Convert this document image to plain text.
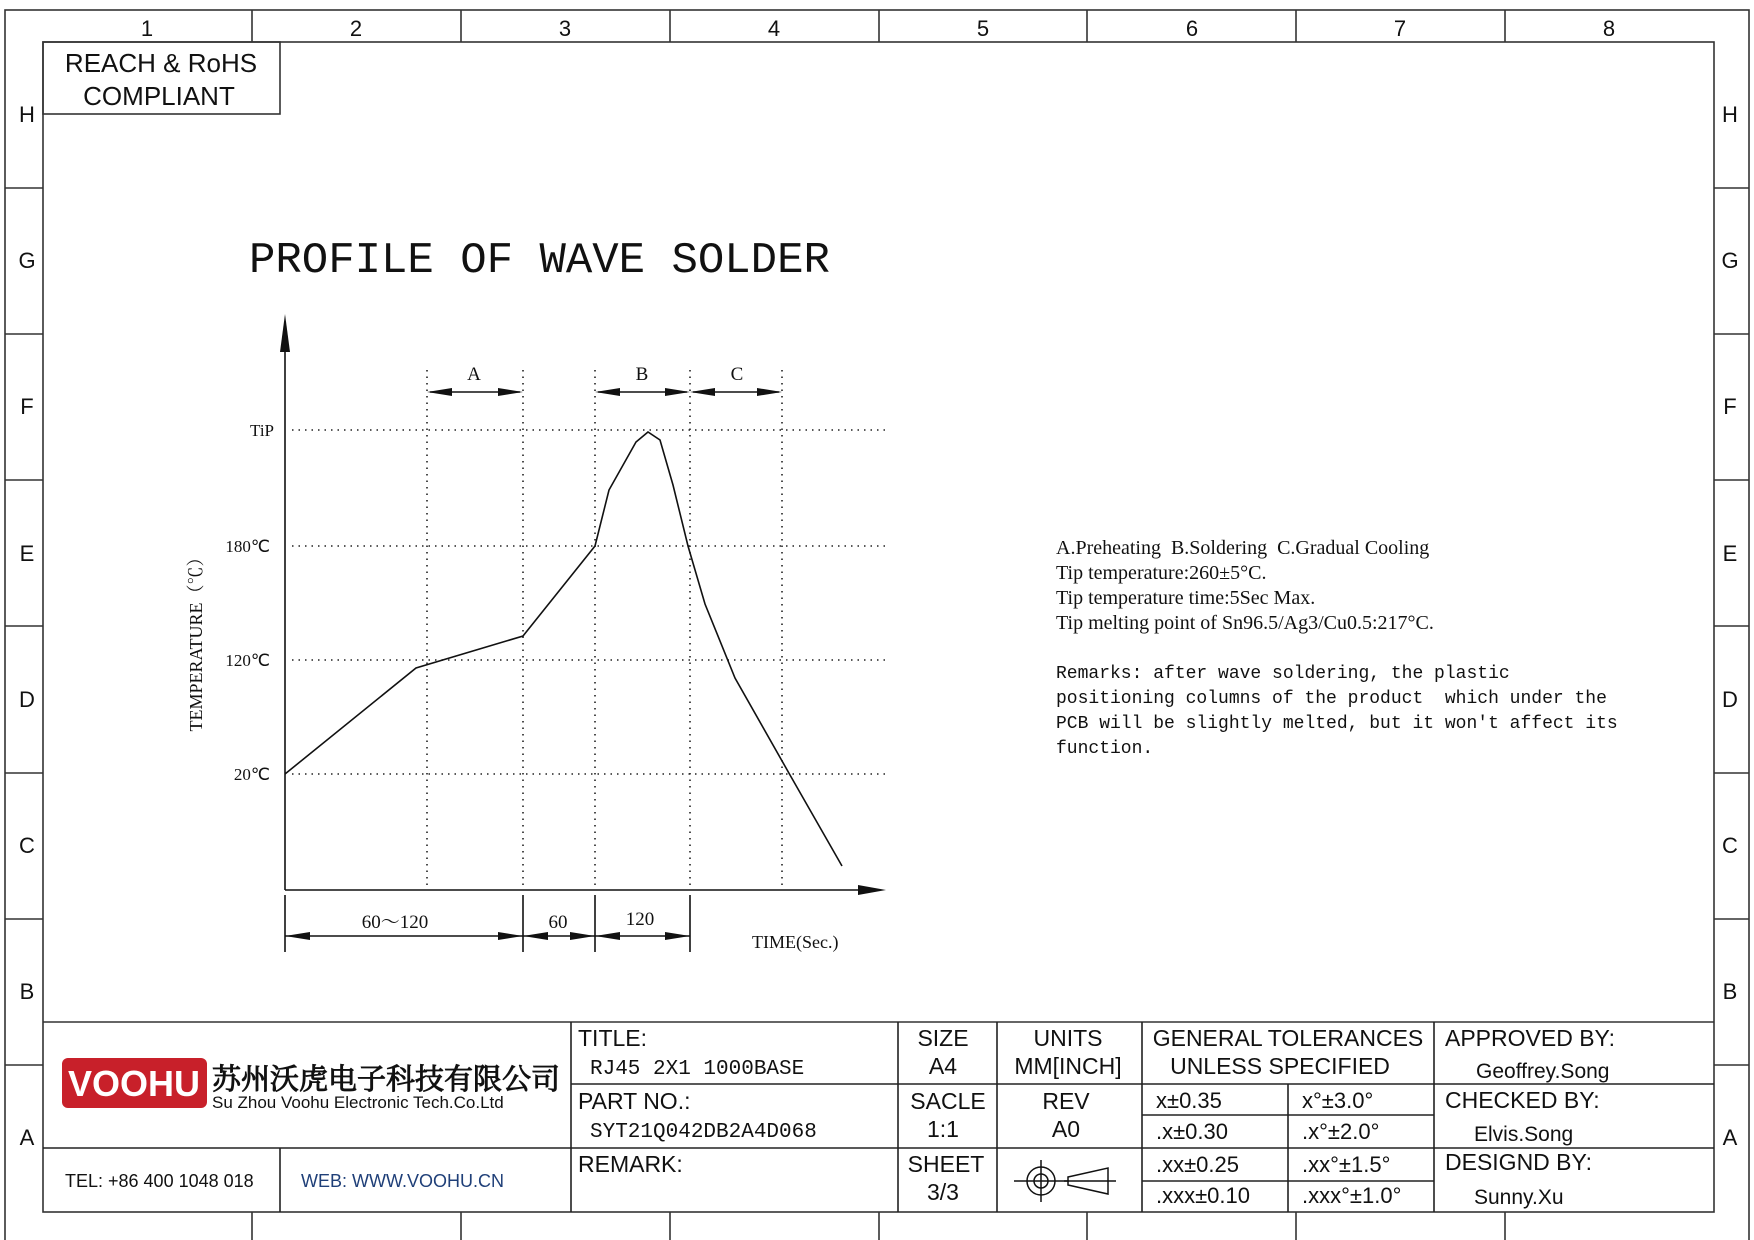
1	2	3	4	5	6	7	8
H
G
F
E
D
C
B
A
H
G
F
E
D
C
B
A
REACH & RoHS
COMPLIANT
PROFILE OF WAVE SOLDER
TiP
180℃
120℃
20℃
TEMPERATURE（℃）
A	B	C
60～120	60	120
TIME(Sec.)
A.Preheating  B.Soldering  C.Gradual Cooling
Tip temperature:260±5°C.
Tip temperature time:5Sec Max.
Tip melting point of Sn96.5/Ag3/Cu0.5:217°C.
Remarks: after wave soldering, the plastic
positioning columns of the product  which under the
PCB will be slightly melted, but it won't affect its
function.
VOOHU 苏州沃虎电子科技有限公司
Su Zhou Voohu Electronic Tech.Co.Ltd
TEL: +86 400 1048 018	WEB: WWW.VOOHU.CN
TITLE:
RJ45 2X1 1000BASE
PART NO.:
SYT21Q042DB2A4D068
REMARK:
SIZE
A4
SACLE
1:1
SHEET
3/3
UNITS
MM[INCH]
REV
A0
GENERAL TOLERANCES
UNLESS SPECIFIED
x±0.35	x°±3.0°
.x±0.30	.x°±2.0°
.xx±0.25	.xx°±1.5°
.xxx±0.10 .xxx°±1.0°
APPROVED BY:
Geoffrey.Song
CHECKED BY:
Elvis.Song
DESIGND BY:
Sunny.Xu
